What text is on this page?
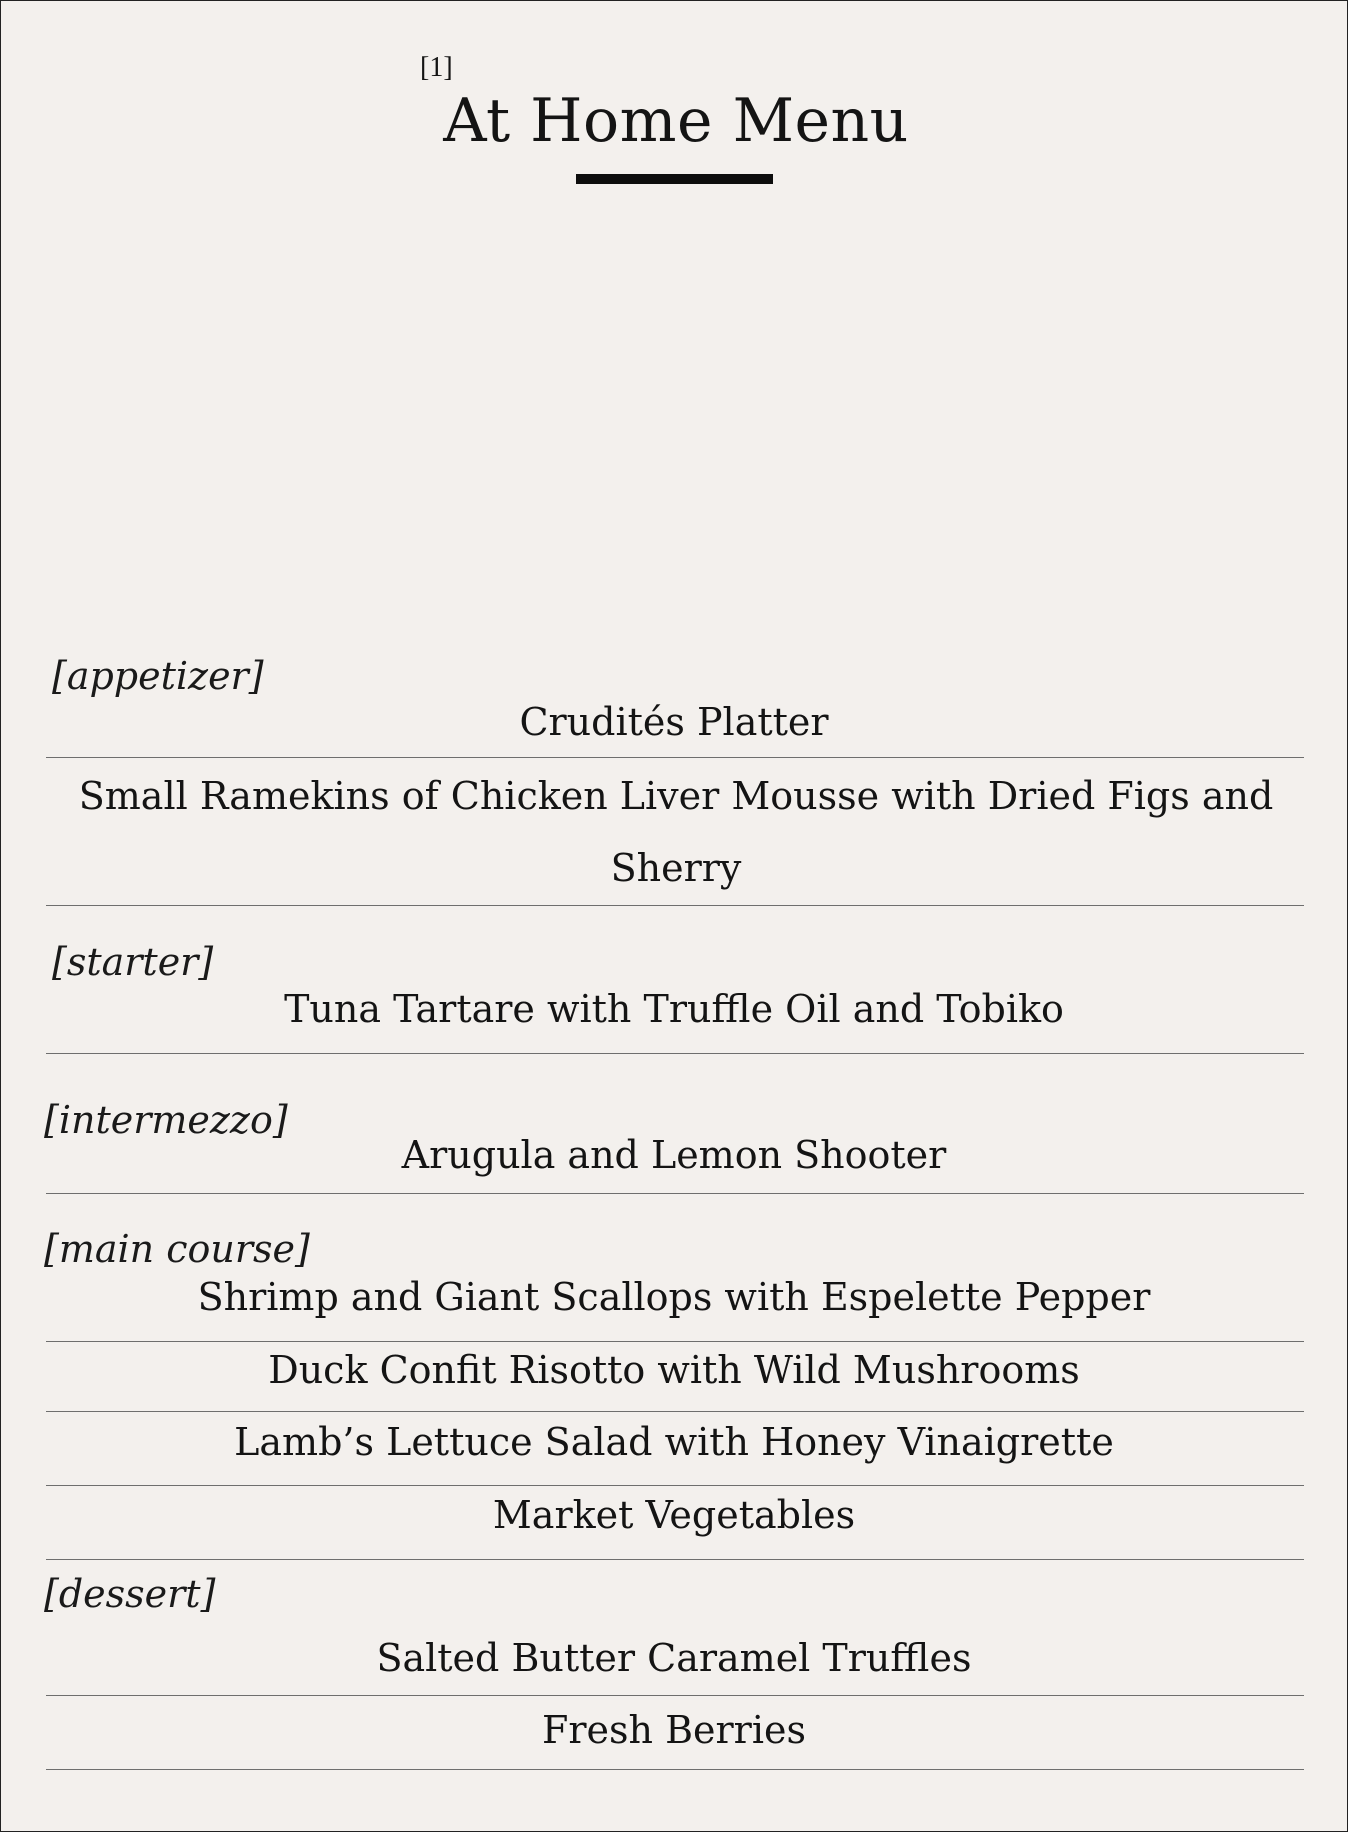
[1]
At Home Menu
[appetizer]
Crudités Platter
Small Ramekins of Chicken Liver Mousse with Dried Figs and Sherry
[starter]
Tuna Tartare with Truffle Oil and Tobiko
[intermezzo]
Arugula and Lemon Shooter
[main course]
Shrimp and Giant Scallops with Espelette Pepper
Duck Confit Risotto with Wild Mushrooms
Lamb’s Lettuce Salad with Honey Vinaigrette
Market Vegetables
[dessert]
Salted Butter Caramel Truffles
Fresh Berries
